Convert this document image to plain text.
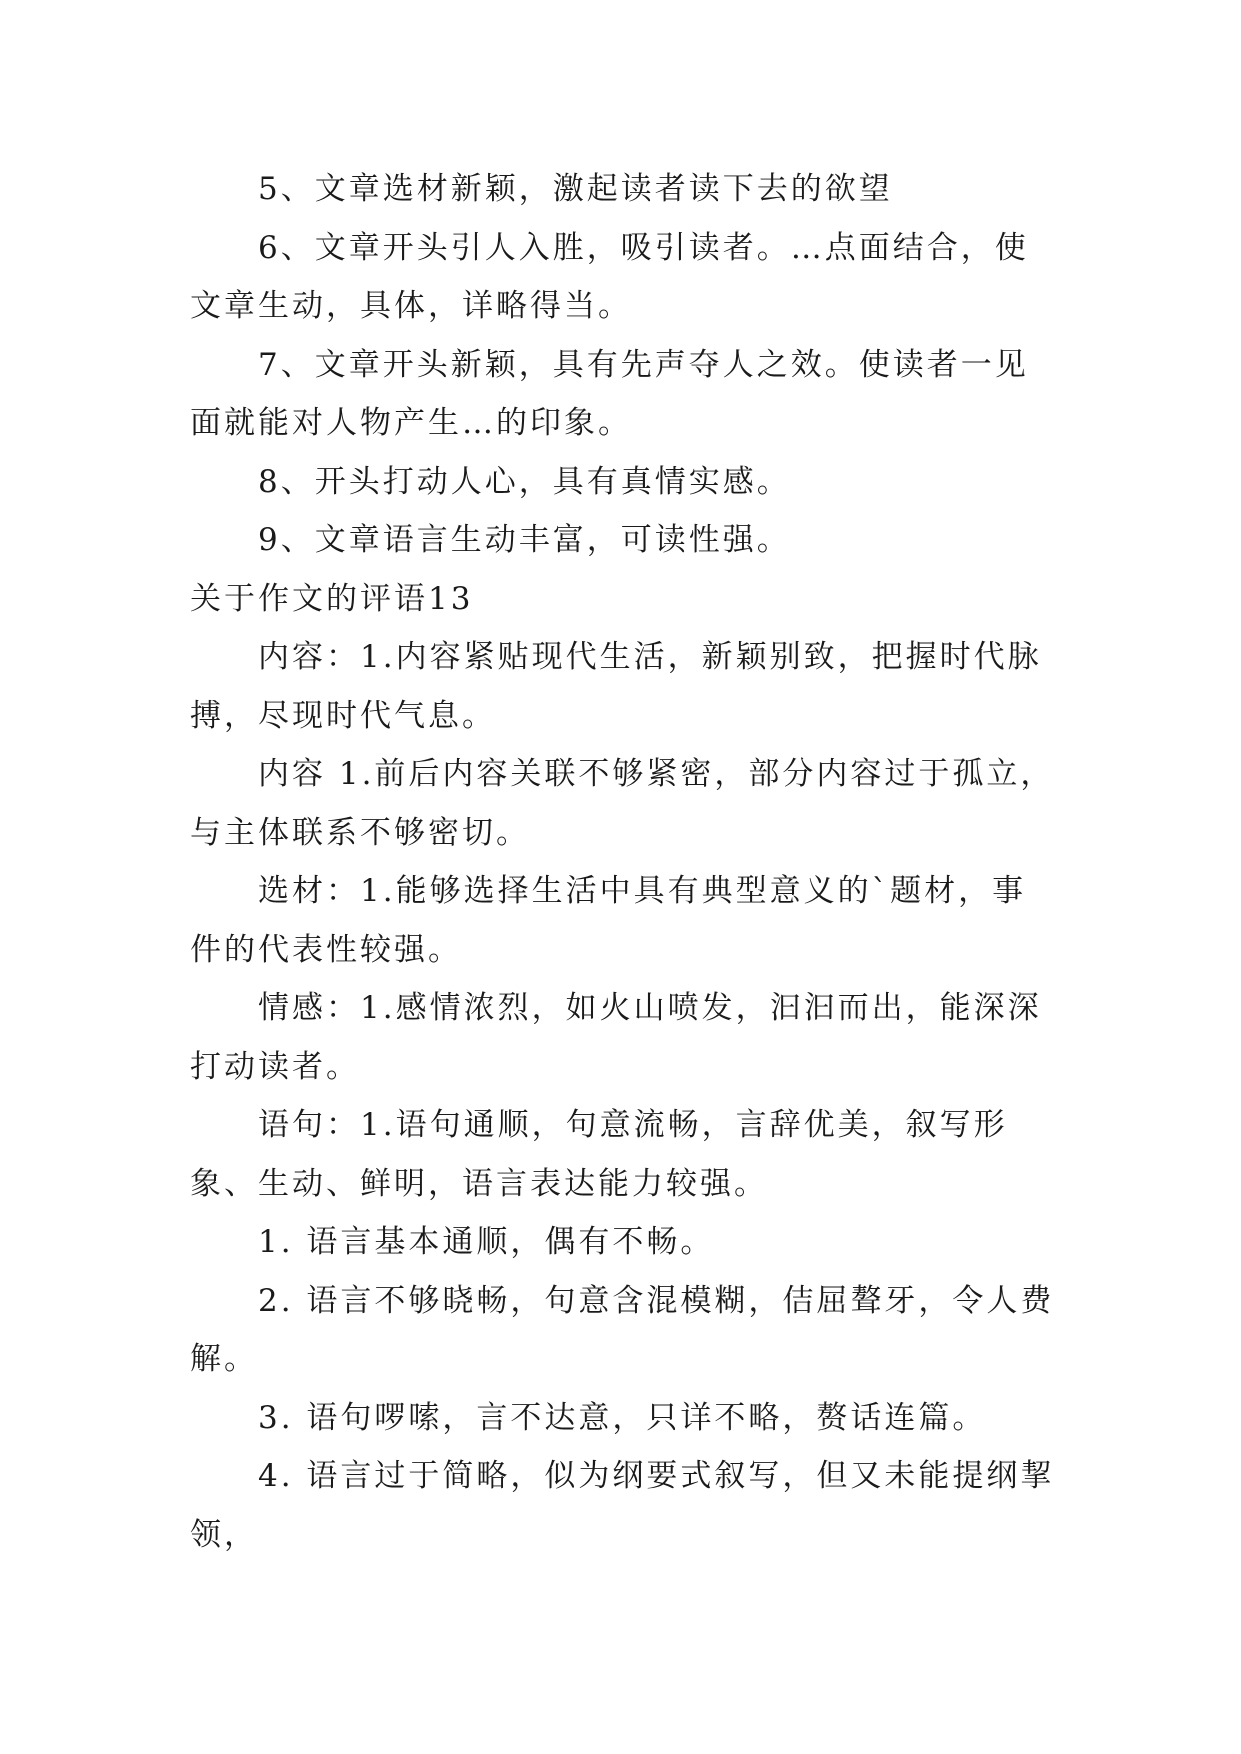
5、文章选材新颖，激起读者读下去的欲望

6、文章开头引人入胜，吸引读者。…点面结合，使文章生动，具体，详略得当。

7、文章开头新颖，具有先声夺人之效。使读者一见面就能对人物产生…的印象。

8、开头打动人心，具有真情实感。

9、文章语言生动丰富，可读性强。

关于作文的评语13

内容：1.内容紧贴现代生活，新颖别致，把握时代脉搏，尽现时代气息。

内容 1.前后内容关联不够紧密，部分内容过于孤立，与主体联系不够密切。

选材：1.能够选择生活中具有典型意义的`题材，事件的代表性较强。

情感：1.感情浓烈，如火山喷发，汩汩而出，能深深打动读者。

语句：1.语句通顺，句意流畅，言辞优美，叙写形象、生动、鲜明，语言表达能力较强。

1. 语言基本通顺，偶有不畅。

2. 语言不够晓畅，句意含混模糊，佶屈聱牙，令人费解。

3. 语句啰嗦，言不达意，只详不略，赘话连篇。

4. 语言过于简略，似为纲要式叙写，但又未能提纲挈领，
